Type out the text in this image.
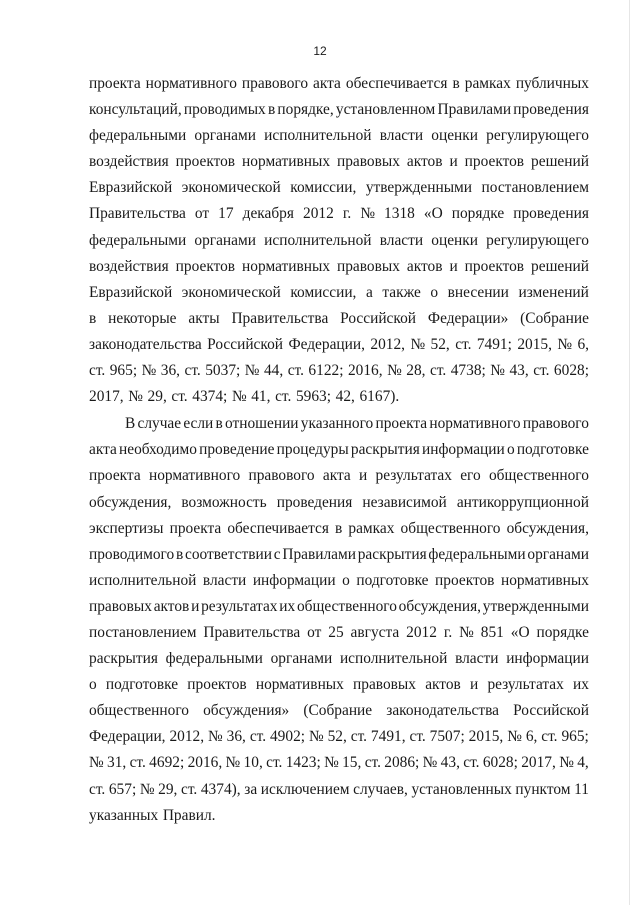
12
проекта нормативного правового акта обеспечивается в рамках публичных
консультаций, проводимых в порядке, установленном Правилами проведения
федеральными органами исполнительной власти оценки регулирующего
воздействия проектов нормативных правовых актов и проектов решений
Евразийской экономической комиссии, утвержденными постановлением
Правительства от 17 декабря 2012 г. № 1318 «О порядке проведения
федеральными органами исполнительной власти оценки регулирующего
воздействия проектов нормативных правовых актов и проектов решений
Евразийской экономической комиссии, а также о внесении изменений
в некоторые акты Правительства Российской Федерации» (Собрание
законодательства Российской Федерации, 2012, № 52, ст. 7491; 2015, № 6,
ст. 965; № 36, ст. 5037; № 44, ст. 6122; 2016, № 28, ст. 4738; № 43, ст. 6028;
2017, № 29, ст. 4374; № 41, ст. 5963; 42, 6167).
В случае если в отношении указанного проекта нормативного правового
акта необходимо проведение процедуры раскрытия информации о подготовке
проекта нормативного правового акта и результатах его общественного
обсуждения, возможность проведения независимой антикоррупционной
экспертизы проекта обеспечивается в рамках общественного обсуждения,
проводимого в соответствии с Правилами раскрытия федеральными органами
исполнительной власти информации о подготовке проектов нормативных
правовых актов и результатах их общественного обсуждения, утвержденными
постановлением Правительства от 25 августа 2012 г. № 851 «О порядке
раскрытия федеральными органами исполнительной власти информации
о подготовке проектов нормативных правовых актов и результатах их
общественного обсуждения» (Собрание законодательства Российской
Федерации, 2012, № 36, ст. 4902; № 52, ст. 7491, ст. 7507; 2015, № 6, ст. 965;
№ 31, ст. 4692; 2016, № 10, ст. 1423; № 15, ст. 2086; № 43, ст. 6028; 2017, № 4,
ст. 657; № 29, ст. 4374), за исключением случаев, установленных пунктом 11
указанных Правил.
